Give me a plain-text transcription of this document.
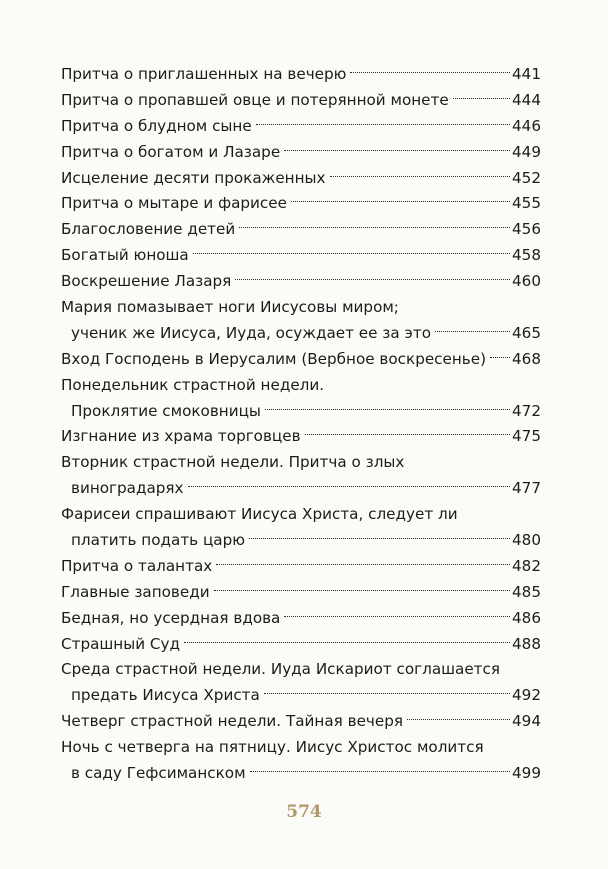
Притча о приглашенных на вечерю	441
Притча о пропавшей овце и потерянной монете	444
Притча о блудном сыне	446
Притча о богатом и Лазаре	449
Исцеление десяти прокаженных	452
Притча о мытаре и фарисее	455
Благословение детей	456
Богатый юноша	458
Воскрешение Лазаря	460
Мария помазывает ноги Иисусовы миром;
ученик же Иисуса, Иуда, осуждает ее за это	465
Вход Господень в Иерусалим (Вербное воскресенье) 468
Понедельник страстной недели.
Проклятие смоковницы	472
Изгнание из храма торговцев	475
Вторник страстной недели. Притча о злых
виноградарях	477
Фарисеи спрашивают Иисуса Христа, следует ли
платить подать царю	480
Притча о талантах	482
Главные заповеди	485
Бедная, но усердная вдова	486
Страшный Суд	488
Среда страстной недели. Иуда Искариот соглашается
предать Иисуса Христа	492
Четверг страстной недели. Тайная вечеря	494
Ночь с четверга на пятницу. Иисус Христос молится
в саду Гефсиманском	499
574
